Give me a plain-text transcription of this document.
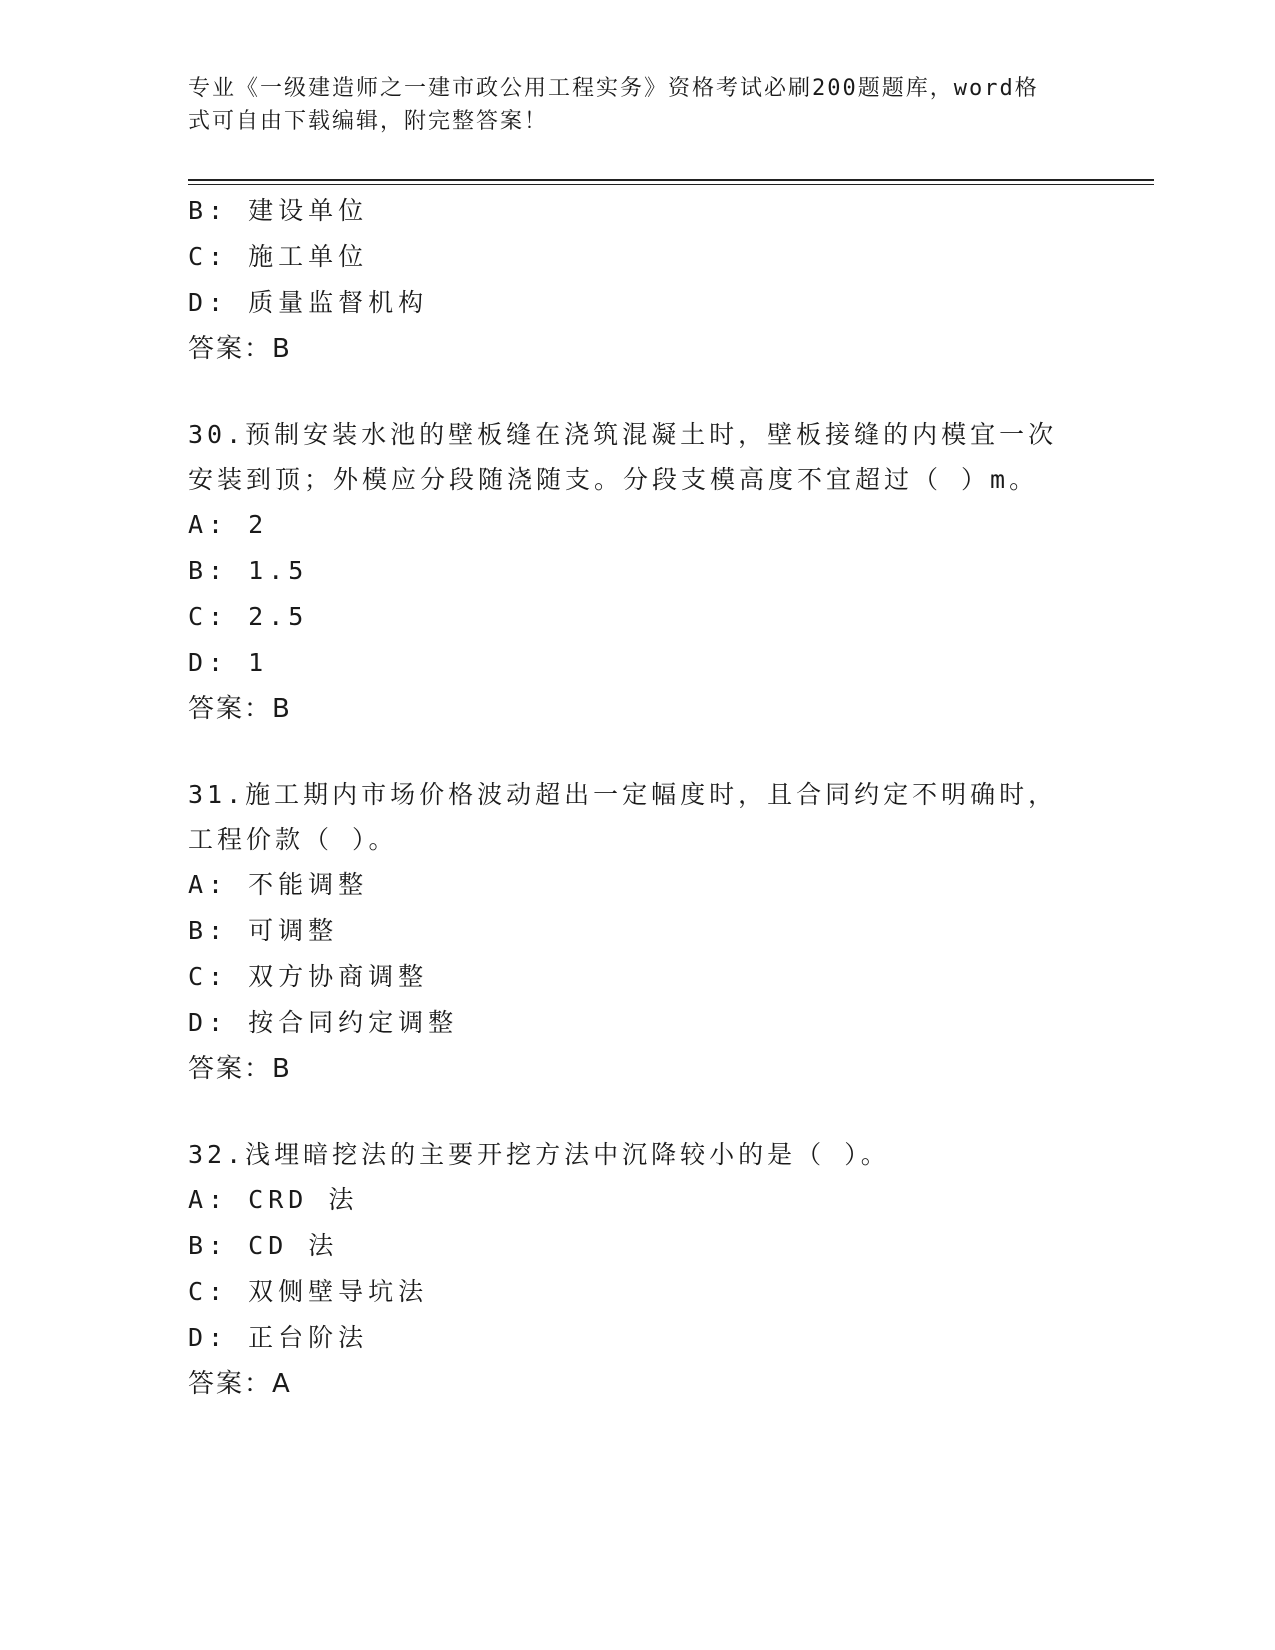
专业《一级建造师之一建市政公用工程实务》资格考试必刷200题题库，word格
式可自由下载编辑，附完整答案！
B: 建设单位
C: 施工单位
D: 质量监督机构
答案：B
30.预制安装水池的壁板缝在浇筑混凝土时，壁板接缝的内模宜一次安装到顶；外模应分段随浇随支。分段支模高度不宜超过（ ）m。
A: 2
B: 1.5
C: 2.5
D: 1
答案：B
31.施工期内市场价格波动超出一定幅度时，且合同约定不明确时，工程价款（ ）。
A: 不能调整
B: 可调整
C: 双方协商调整
D: 按合同约定调整
答案：B
32.浅埋暗挖法的主要开挖方法中沉降较小的是（ ）。
A: CRD 法
B: CD 法
C: 双侧壁导坑法
D: 正台阶法
答案：A
